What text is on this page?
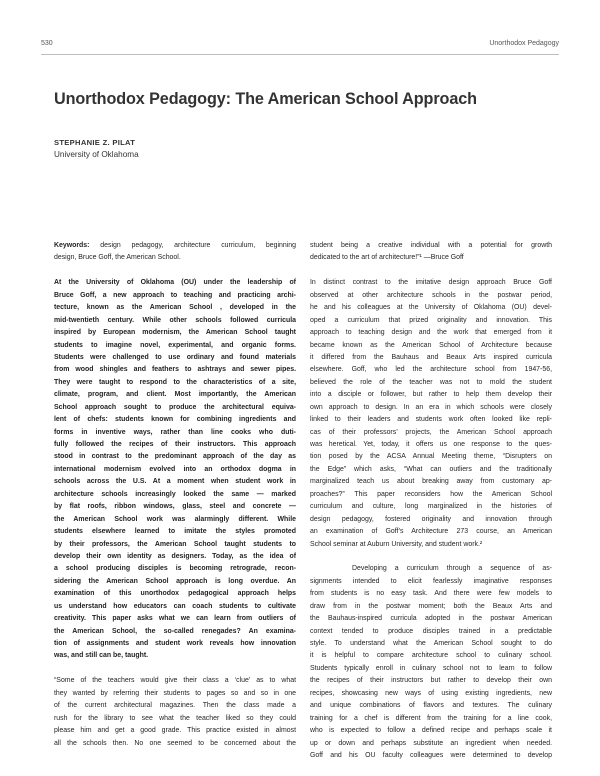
530	Unorthodox Pedagogy
Unorthodox Pedagogy: The American School Approach
STEPHANIE Z. PILAT
University of Oklahoma
Keywords: design pedagogy, architecture curriculum, beginning
design, Bruce Goff, the American School.
At the University of Oklahoma (OU) under the leadership of
Bruce Goff, a new approach to teaching and practicing archi-
tecture, known as the American School , developed in the
mid-twentieth century. While other schools followed curricula
inspired by European modernism, the American School taught
students to imagine novel, experimental, and organic forms.
Students were challenged to use ordinary and found materials
from wood shingles and feathers to ashtrays and sewer pipes.
They were taught to respond to the characteristics of a site,
climate, program, and client. Most importantly, the American
School approach sought to produce the architectural equiva-
lent of chefs: students known for combining ingredients and
forms in inventive ways, rather than line cooks who duti-
fully followed the recipes of their instructors. This approach
stood in contrast to the predominant approach of the day as
international modernism evolved into an orthodox dogma in
schools across the U.S. At a moment when student work in
architecture schools increasingly looked the same — marked
by flat roofs, ribbon windows, glass, steel and concrete —
the American School work was alarmingly different. While
students elsewhere learned to imitate the styles promoted
by their professors, the American School taught students to
develop their own identity as designers. Today, as the idea of
a school producing disciples is becoming retrograde, recon-
sidering the American School approach is long overdue. An
examination of this unorthodox pedagogical approach helps
us understand how educators can coach students to cultivate
creativity. This paper asks what we can learn from outliers of
the American School, the so-called renegades? An examina-
tion of assignments and student work reveals how innovation
was, and still can be, taught.
“Some of the teachers would give their class a ‘clue’ as to what
they wanted by referring their students to pages so and so in one
of the current architectural magazines. Then the class made a
rush for the library to see what the teacher liked so they could
please him and get a good grade. This practice existed in almost
all the schools then. No one seemed to be concerned about the
student being a creative individual with a potential for growth
dedicated to the art of architecture!”¹ —Bruce Goff
In distinct contrast to the imitative design approach Bruce Goff
observed at other architecture schools in the postwar period,
he and his colleagues at the University of Oklahoma (OU) devel-
oped a curriculum that prized originality and innovation. This
approach to teaching design and the work that emerged from it
became known as the American School of Architecture because
it differed from the Bauhaus and Beaux Arts inspired curricula
elsewhere. Goff, who led the architecture school from 1947-56,
believed the role of the teacher was not to mold the student
into a disciple or follower, but rather to help them develop their
own approach to design. In an era in which schools were closely
linked to their leaders and students work often looked like repli-
cas of their professors’ projects, the American School approach
was heretical. Yet, today, it offers us one response to the ques-
tion posed by the ACSA Annual Meeting theme, “Disrupters on
the Edge” which asks, “What can outliers and the traditionally
marginalized teach us about breaking away from customary ap-
proaches?” This paper reconsiders how the American School
curriculum and culture, long marginalized in the histories of
design pedagogy, fostered originality and innovation through
an examination of Goff’s Architecture 273 course, an American
School seminar at Auburn University, and student work.²
Developing a curriculum through a sequence of as-
signments intended to elicit fearlessly imaginative responses
from students is no easy task. And there were few models to
draw from in the postwar moment; both the Beaux Arts and
the Bauhaus-inspired curricula adopted in the postwar American
context tended to produce disciples trained in a predictable
style. To understand what the American School sought to do
it is helpful to compare architecture school to culinary school.
Students typically enroll in culinary school not to learn to follow
the recipes of their instructors but rather to develop their own
recipes, showcasing new ways of using existing ingredients, new
and unique combinations of flavors and textures. The culinary
training for a chef is different from the training for a line cook,
who is expected to follow a defined recipe and perhaps scale it
up or down and perhaps substitute an ingredient when needed.
Goff and his OU faculty colleagues were determined to develop
